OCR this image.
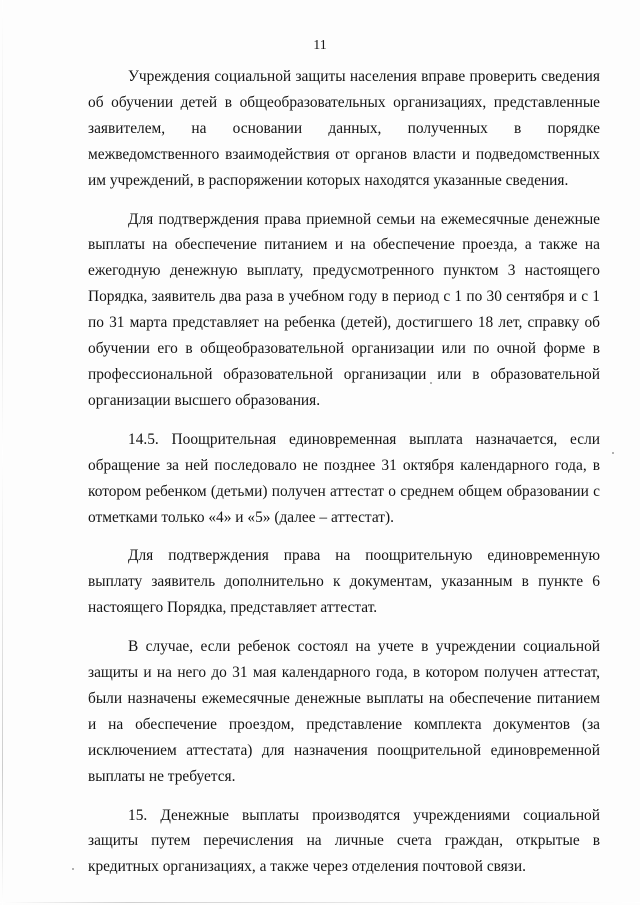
11

Учреждения социальной защиты населения вправе проверить сведения об обучении детей в общеобразовательных организациях, представленные заявителем, на основании данных, полученных в порядке межведомственного взаимодействия от органов власти и подведомственных им учреждений, в распоряжении которых находятся указанные сведения.

Для подтверждения права приемной семьи на ежемесячные денежные выплаты на обеспечение питанием и на обеспечение проезда, а также на ежегодную денежную выплату, предусмотренного пунктом 3 настоящего Порядка, заявитель два раза в учебном году в период с 1 по 30 сентября и с 1 по 31 марта представляет на ребенка (детей), достигшего 18 лет, справку об обучении его в общеобразовательной организации или по очной форме в профессиональной образовательной организации или в образовательной организации высшего образования.

14.5. Поощрительная единовременная выплата назначается, если обращение за ней последовало не позднее 31 октября календарного года, в котором ребенком (детьми) получен аттестат о среднем общем образовании с отметками только «4» и «5» (далее – аттестат).

Для подтверждения права на поощрительную единовременную выплату заявитель дополнительно к документам, указанным в пункте 6 настоящего Порядка, представляет аттестат.

В случае, если ребенок состоял на учете в учреждении социальной защиты и на него до 31 мая календарного года, в котором получен аттестат, были назначены ежемесячные денежные выплаты на обеспечение питанием и на обеспечение проездом, представление комплекта документов (за исключением аттестата) для назначения поощрительной единовременной выплаты не требуется.

15. Денежные выплаты производятся учреждениями социальной защиты путем перечисления на личные счета граждан, открытые в кредитных организациях, а также через отделения почтовой связи.
